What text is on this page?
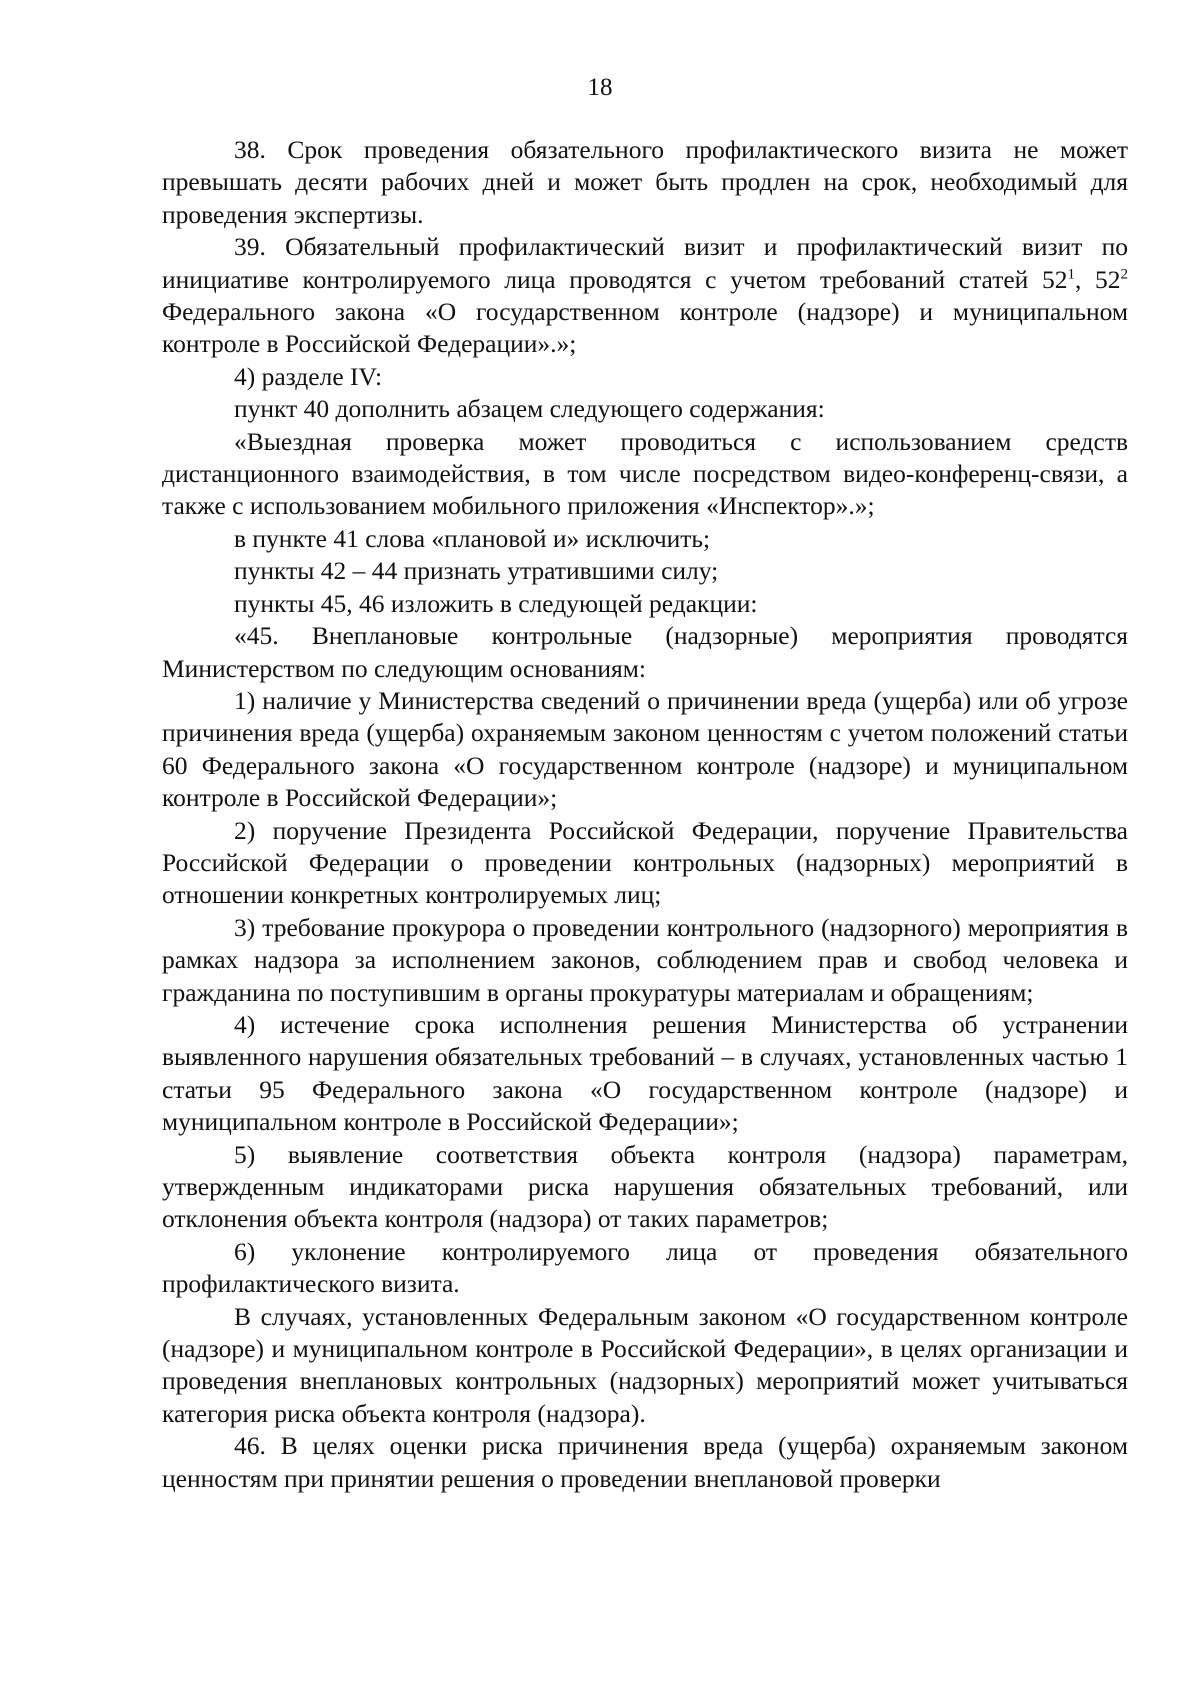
18

38. Срок проведения обязательного профилактического визита не может превышать десяти рабочих дней и может быть продлен на срок, необходимый для проведения экспертизы.

39. Обязательный профилактический визит и профилактический визит по инициативе контролируемого лица проводятся с учетом требований статей $52^1$, $52^2$ Федерального закона «О государственном контроле (надзоре) и муниципальном контроле в Российской Федерации».»;

4) разделе IV:

пункт 40 дополнить абзацем следующего содержания:

«Выездная проверка может проводиться с использованием средств дистанционного взаимодействия, в том числе посредством видео-конференц-связи, а также с использованием мобильного приложения «Инспектор».»;

в пункте 41 слова «плановой и» исключить;

пункты 42 – 44 признать утратившими силу;

пункты 45, 46 изложить в следующей редакции:

«45. Внеплановые контрольные (надзорные) мероприятия проводятся Министерством по следующим основаниям:

1) наличие у Министерства сведений о причинении вреда (ущерба) или об угрозе причинения вреда (ущерба) охраняемым законом ценностям с учетом положений статьи 60 Федерального закона «О государственном контроле (надзоре) и муниципальном контроле в Российской Федерации»;

2) поручение Президента Российской Федерации, поручение Правительства Российской Федерации о проведении контрольных (надзорных) мероприятий в отношении конкретных контролируемых лиц;

3) требование прокурора о проведении контрольного (надзорного) мероприятия в рамках надзора за исполнением законов, соблюдением прав и свобод человека и гражданина по поступившим в органы прокуратуры материалам и обращениям;

4) истечение срока исполнения решения Министерства об устранении выявленного нарушения обязательных требований – в случаях, установленных частью 1 статьи 95 Федерального закона «О государственном контроле (надзоре) и муниципальном контроле в Российской Федерации»;

5) выявление соответствия объекта контроля (надзора) параметрам, утвержденным индикаторами риска нарушения обязательных требований, или отклонения объекта контроля (надзора) от таких параметров;

6) уклонение контролируемого лица от проведения обязательного профилактического визита.

В случаях, установленных Федеральным законом «О государственном контроле (надзоре) и муниципальном контроле в Российской Федерации», в целях организации и проведения внеплановых контрольных (надзорных) мероприятий может учитываться категория риска объекта контроля (надзора).

46. В целях оценки риска причинения вреда (ущерба) охраняемым законом ценностям при принятии решения о проведении внеплановой проверки
